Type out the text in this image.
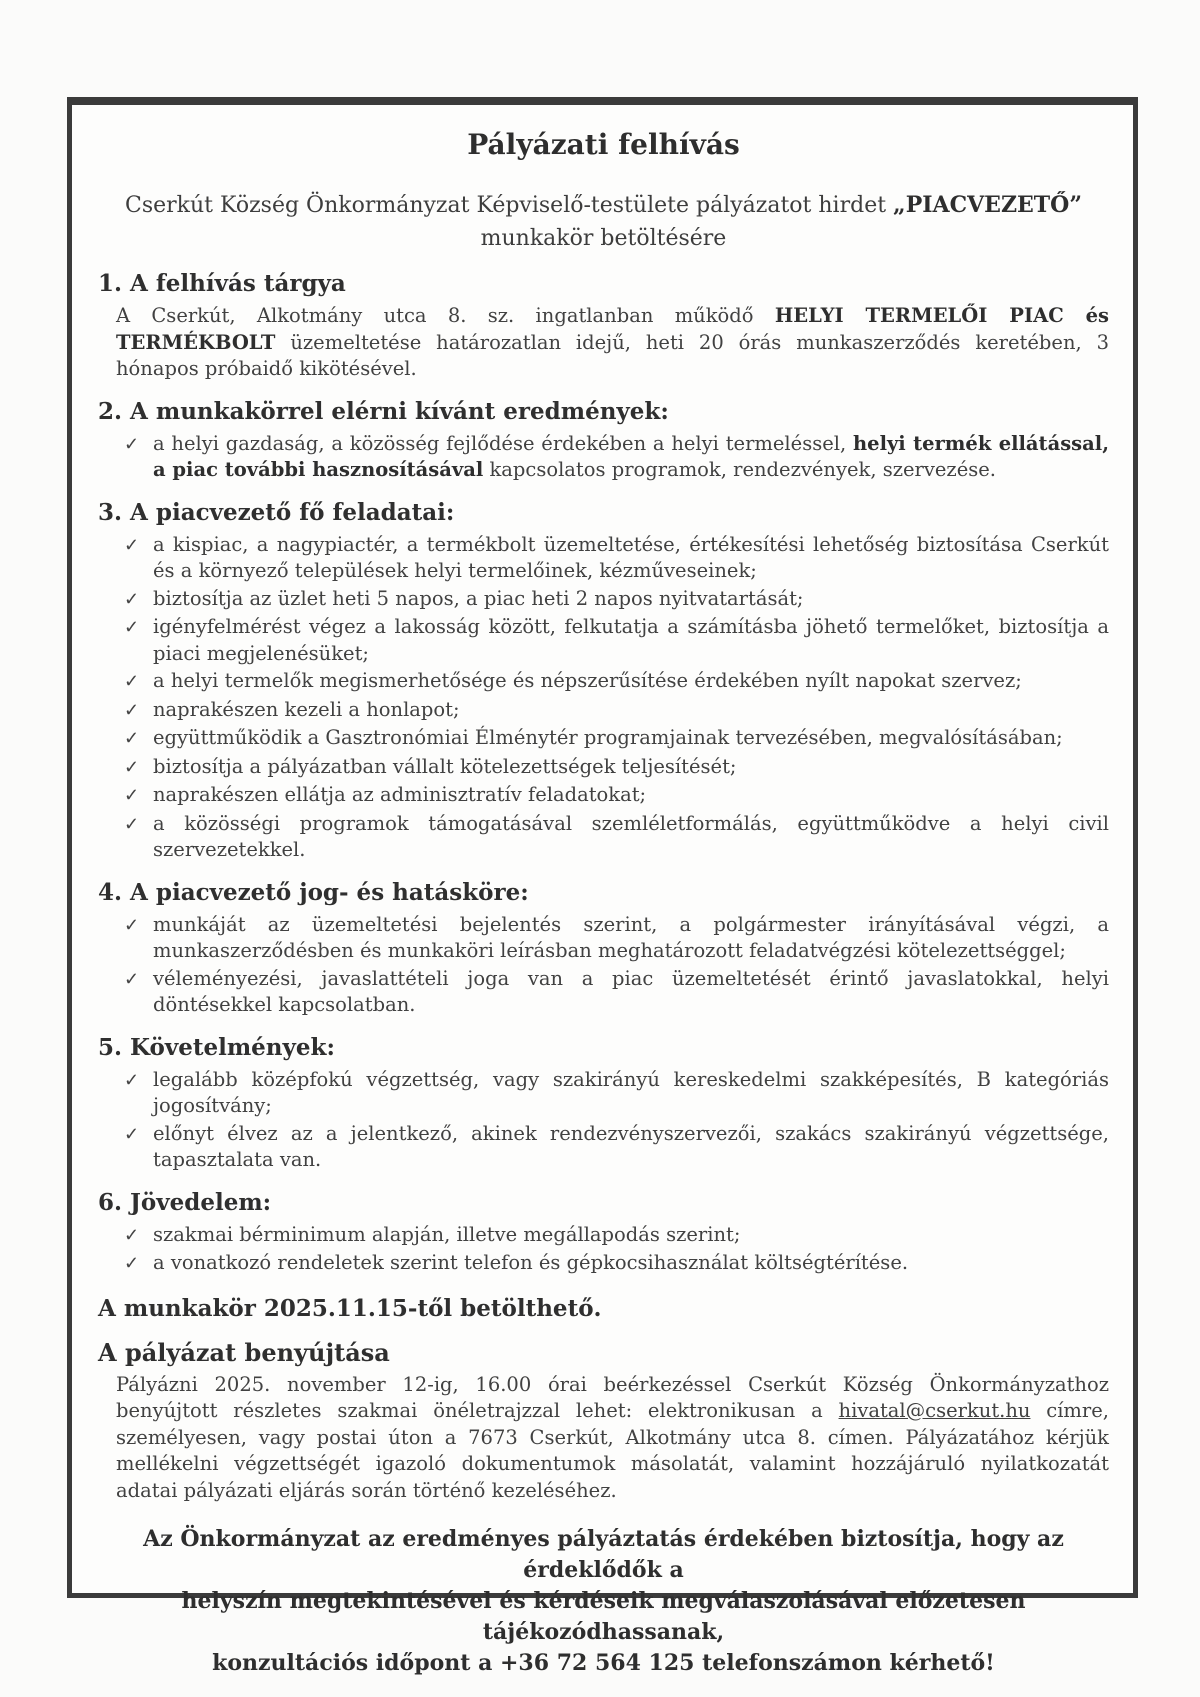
Pályázati felhívás
Cserkút Község Önkormányzat Képviselő-testülete pályázatot hirdet „PIACVEZETŐ”
munkakör betöltésére
1. A felhívás tárgya

A Cserkút, Alkotmány utca 8. sz. ingatlanban működő HELYI TERMELŐI PIAC és TERMÉKBOLT üzemeltetése határozatlan idejű, heti 20 órás munkaszerződés keretében, 3 hónapos próbaidő kikötésével.

2. A munkakörrel elérni kívánt eredmények:
✓ a helyi gazdaság, a közösség fejlődése érdekében a helyi termeléssel, helyi termék ellátással, a piac további hasznosításával kapcsolatos programok, rendezvények, szervezése.
3. A piacvezető fő feladatai:
✓ a kispiac, a nagypiactér, a termékbolt üzemeltetése, értékesítési lehetőség biztosítása Cserkút és a környező települések helyi termelőinek, kézműveseinek;
✓ biztosítja az üzlet heti 5 napos, a piac heti 2 napos nyitvatartását;
✓ igényfelmérést végez a lakosság között, felkutatja a számításba jöhető termelőket, biztosítja a piaci megjelenésüket;
✓ a helyi termelők megismerhetősége és népszerűsítése érdekében nyílt napokat szervez;
✓ naprakészen kezeli a honlapot;
✓ együttműködik a Gasztronómiai Élménytér programjainak tervezésében, megvalósításában;
✓ biztosítja a pályázatban vállalt kötelezettségek teljesítését;
✓ naprakészen ellátja az adminisztratív feladatokat;
✓ a közösségi programok támogatásával szemléletformálás, együttműködve a helyi civil szervezetekkel.
4. A piacvezető jog- és hatásköre:
✓ munkáját az üzemeltetési bejelentés szerint, a polgármester irányításával végzi, a munkaszerződésben és munkaköri leírásban meghatározott feladatvégzési kötelezettséggel;
✓ véleményezési, javaslattételi joga van a piac üzemeltetését érintő javaslatokkal, helyi döntésekkel kapcsolatban.
5. Követelmények:
✓ legalább középfokú végzettség, vagy szakirányú kereskedelmi szakképesítés, B kategóriás jogosítvány;
✓ előnyt élvez az a jelentkező, akinek rendezvényszervezői, szakács szakirányú végzettsége, tapasztalata van.
6. Jövedelem:
✓ szakmai bérminimum alapján, illetve megállapodás szerint;
✓ a vonatkozó rendeletek szerint telefon és gépkocsihasználat költségtérítése.
A munkakör 2025.11.15-től betölthető.
A pályázat benyújtása

Pályázni 2025. november 12-ig, 16.00 órai beérkezéssel Cserkút Község Önkormányzathoz benyújtott részletes szakmai önéletrajzzal lehet: elektronikusan a hivatal@cserkut.hu címre, személyesen, vagy postai úton a 7673 Cserkút, Alkotmány utca 8. címen. Pályázatához kérjük mellékelni végzettségét igazoló dokumentumok másolatát, valamint hozzájáruló nyilatkozatát adatai pályázati eljárás során történő kezeléséhez.

Az Önkormányzat az eredményes pályáztatás érdekében biztosítja, hogy az érdeklődők a
helyszín megtekintésével és kérdéseik megválaszolásával előzetesen tájékozódhassanak,
konzultációs időpont a +36 72 564 125 telefonszámon kérhető!
